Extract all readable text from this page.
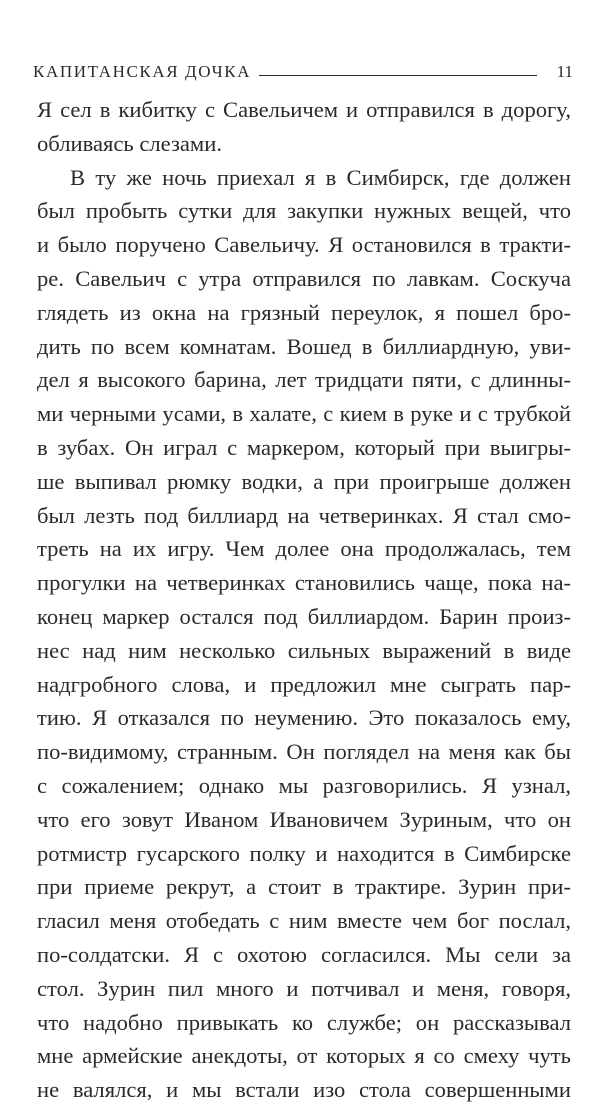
КАПИТАНСКАЯ ДОЧКА	11
Я сел в кибитку с Савельичем и отправился в дорогу,
обливаясь слезами.
В ту же ночь приехал я в Симбирск, где должен
был пробыть сутки для закупки нужных вещей, что
и было поручено Савельичу. Я остановился в тракти-
ре. Савельич с утра отправился по лавкам. Соскуча
глядеть из окна на грязный переулок, я пошел бро-
дить по всем комнатам. Вошед в биллиардную, уви-
дел я высокого барина, лет тридцати пяти, с длинны-
ми черными усами, в халате, с кием в руке и с трубкой
в зубах. Он играл с маркером, который при выигры-
ше выпивал рюмку водки, а при проигрыше должен
был лезть под биллиард на четверинках. Я стал смо-
треть на их игру. Чем долее она продолжалась, тем
прогулки на четверинках становились чаще, пока на-
конец маркер остался под биллиардом. Барин произ-
нес над ним несколько сильных выражений в виде
надгробного слова, и предложил мне сыграть пар-
тию. Я отказался по неумению. Это показалось ему,
по-видимому, странным. Он поглядел на меня как бы
с сожалением; однако мы разговорились. Я узнал,
что его зовут Иваном Ивановичем Зуриным, что он
ротмистр гусарского полку и находится в Симбирске
при приеме рекрут, а стоит в трактире. Зурин при-
гласил меня отобедать с ним вместе чем бог послал,
по-солдатски. Я с охотою согласился. Мы сели за
стол. Зурин пил много и потчивал и меня, говоря,
что надобно привыкать ко службе; он рассказывал
мне армейские анекдоты, от которых я со смеху чуть
не валялся, и мы встали изо стола совершенными
